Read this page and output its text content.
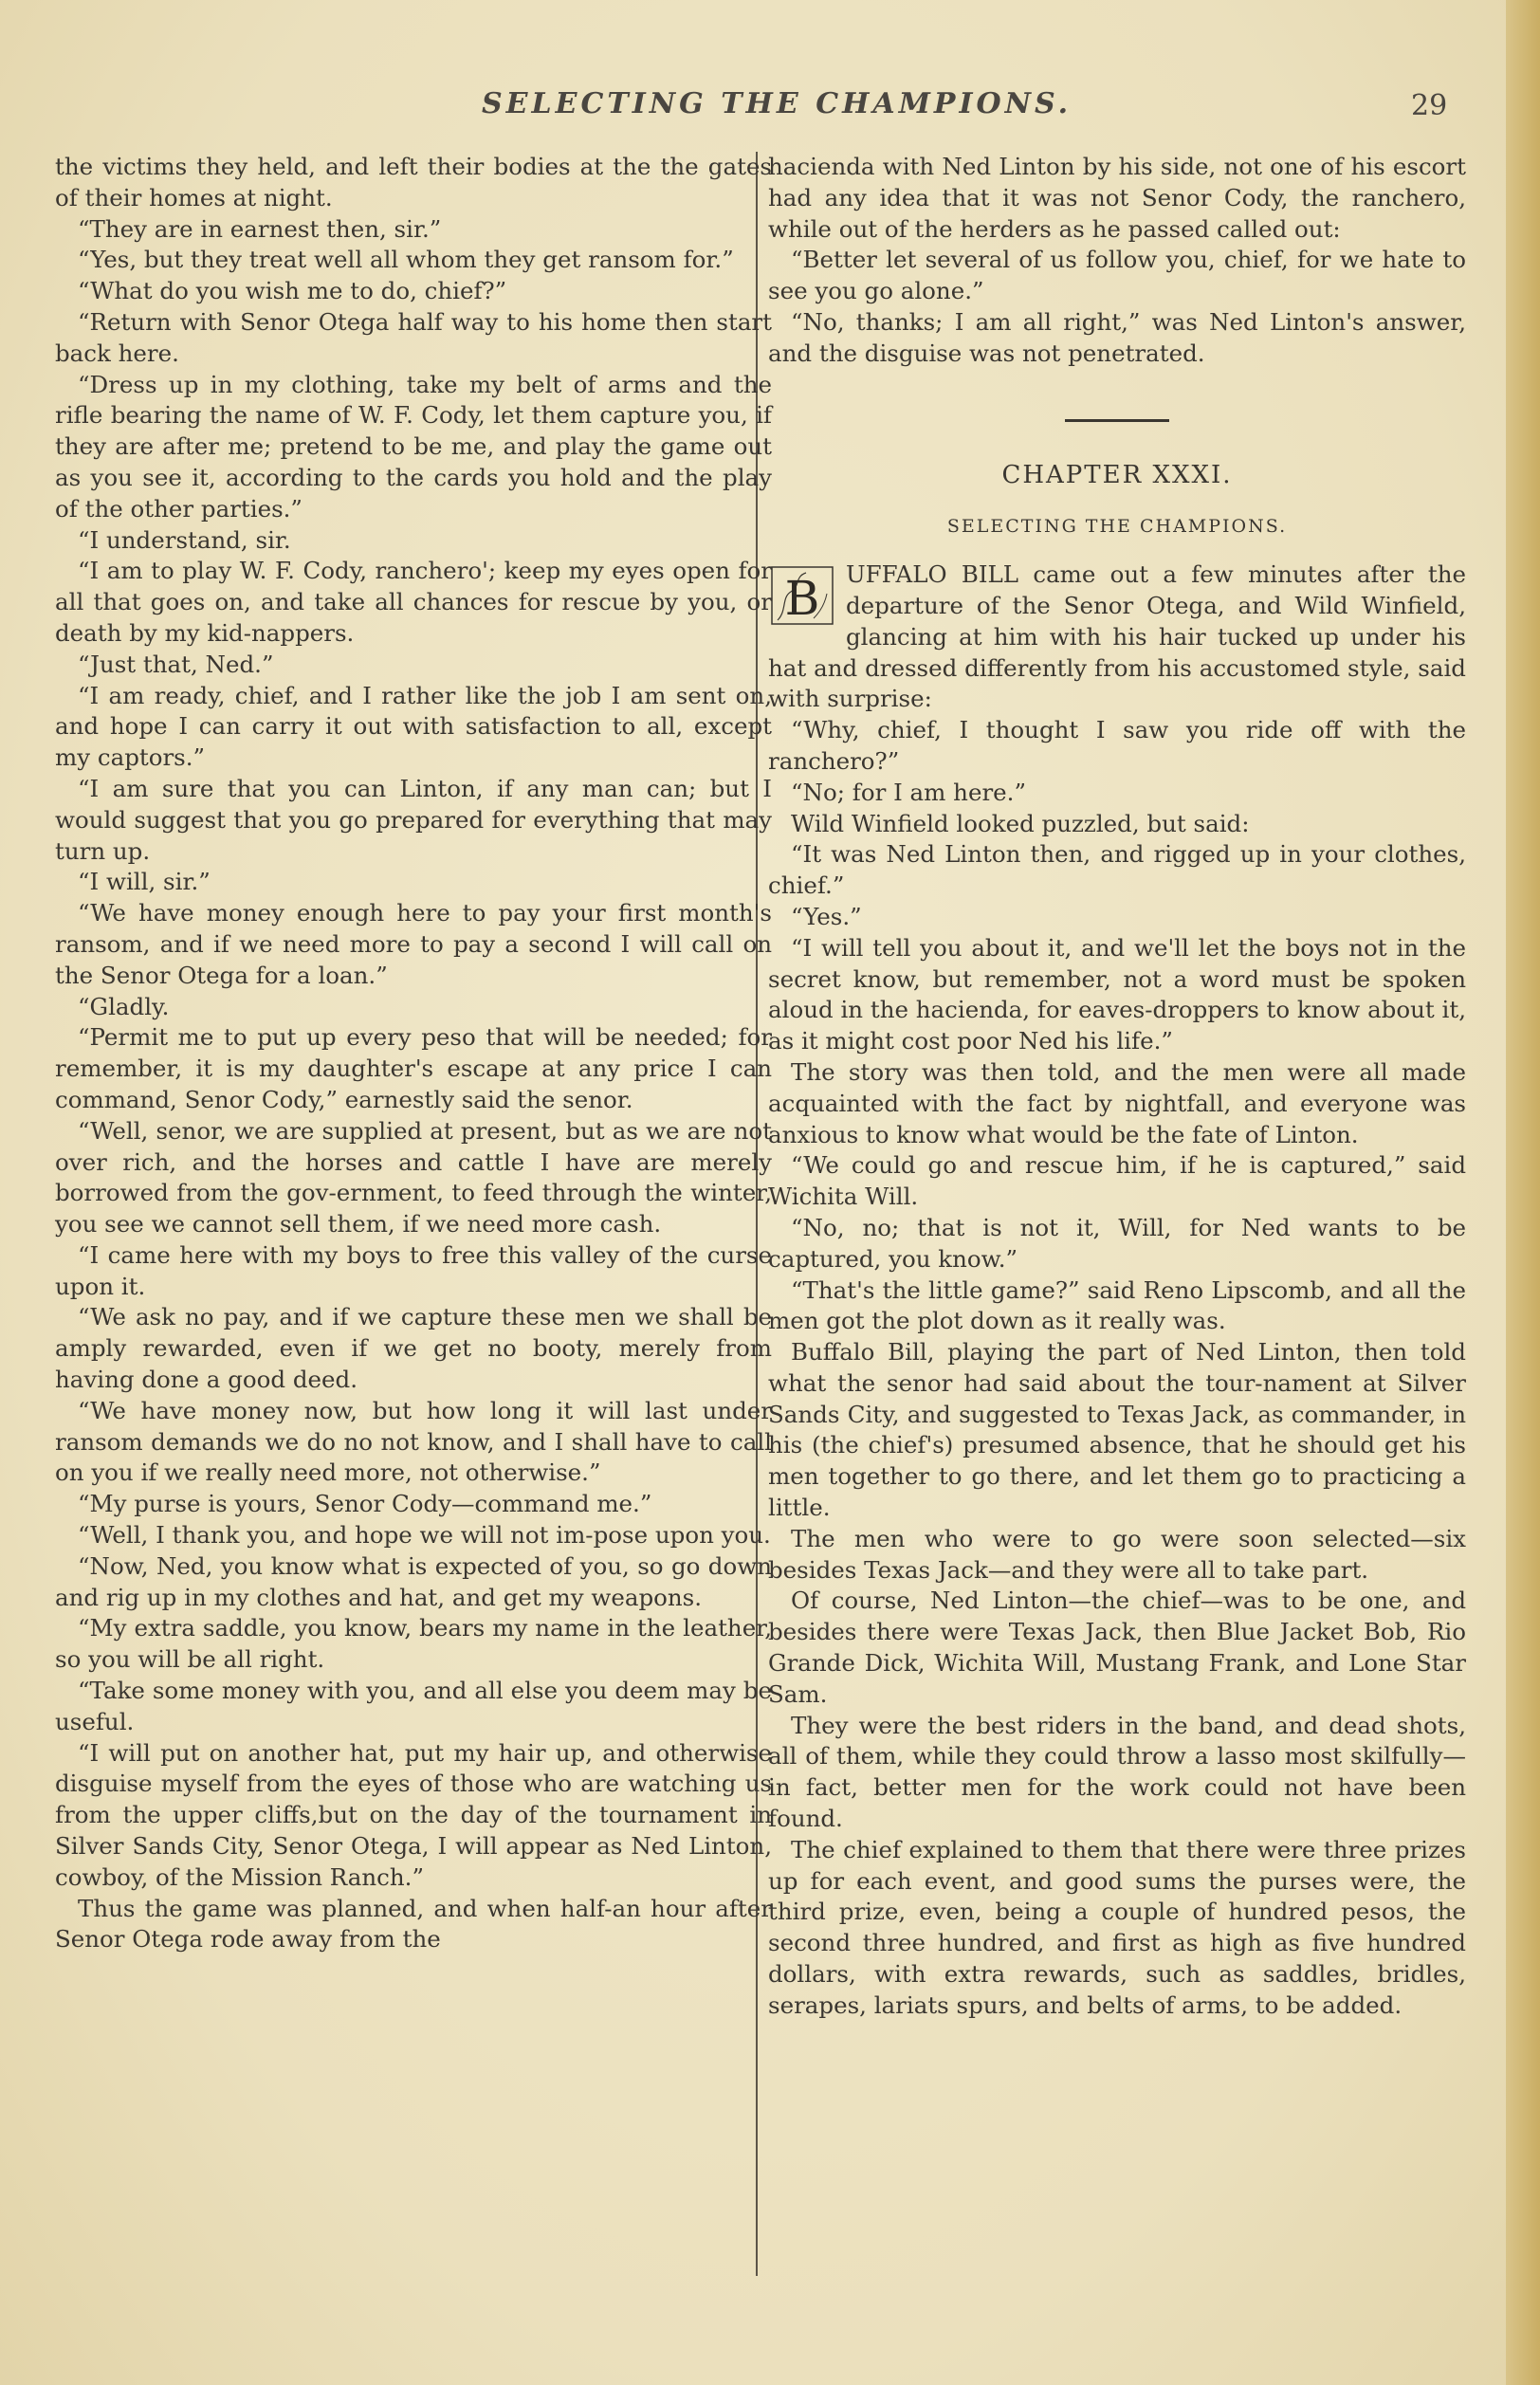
SELECTING THE CHAMPIONS.	29

the victims they held, and left their bodies at the the gates of their homes at night.

“They are in earnest then, sir.”

“Yes, but they treat well all whom they get ransom for.”

“What do you wish me to do, chief?”

“Return with Senor Otega half way to his home then start back here.

“Dress up in my clothing, take my belt of arms and the rifle bearing the name of W. F. Cody, let them capture you, if they are after me; pretend to be me, and play the game out as you see it, according to the cards you hold and the play of the other parties.”

“I understand, sir.

“I am to play W. F. Cody, ranchero'; keep my eyes open for all that goes on, and take all chances for rescue by you, or death by my kid-nappers.

“Just that, Ned.”

“I am ready, chief, and I rather like the job I am sent on, and hope I can carry it out with satisfaction to all, except my captors.”

“I am sure that you can Linton, if any man can; but I would suggest that you go prepared for everything that may turn up.

“I will, sir.”

“We have money enough here to pay your first month's ransom, and if we need more to pay a second I will call on the Senor Otega for a loan.”

“Gladly.

“Permit me to put up every peso that will be needed; for remember, it is my daughter's escape at any price I can command, Senor Cody,” earnestly said the senor.

“Well, senor, we are supplied at present, but as we are not over rich, and the horses and cattle I have are merely borrowed from the gov-ernment, to feed through the winter, you see we cannot sell them, if we need more cash.

“I came here with my boys to free this valley of the curse upon it.

“We ask no pay, and if we capture these men we shall be amply rewarded, even if we get no booty, merely from having done a good deed.

“We have money now, but how long it will last under ransom demands we do no not know, and I shall have to call on you if we really need more, not otherwise.”

“My purse is yours, Senor Cody—command me.”

“Well, I thank you, and hope we will not im-pose upon you.

“Now, Ned, you know what is expected of you, so go down and rig up in my clothes and hat, and get my weapons.

“My extra saddle, you know, bears my name in the leather, so you will be all right.

“Take some money with you, and all else you deem may be useful.

“I will put on another hat, put my hair up, and otherwise disguise myself from the eyes of those who are watching us from the upper cliffs,but on the day of the tournament in Silver Sands City, Senor Otega, I will appear as Ned Linton, cowboy, of the Mission Ranch.”

Thus the game was planned, and when half-an hour after Senor Otega rode away from the

hacienda with Ned Linton by his side, not one of his escort had any idea that it was not Senor Cody, the ranchero, while out of the herders as he passed called out:

“Better let several of us follow you, chief, for we hate to see you go alone.”

“No, thanks; I am all right,” was Ned Linton's answer, and the disguise was not penetrated.

CHAPTER XXXI.
SELECTING THE CHAMPIONS.

B UFFALO BILL came out a few minutes after the departure of the Senor Otega, and Wild Winfield, glancing at him with his hair tucked up under his hat and dressed differently from his accustomed style, said with surprise:

“Why, chief, I thought I saw you ride off with the ranchero?”

“No; for I am here.”

Wild Winfield looked puzzled, but said:

“It was Ned Linton then, and rigged up in your clothes, chief.”

“Yes.”

“I will tell you about it, and we'll let the boys not in the secret know, but remember, not a word must be spoken aloud in the hacienda, for eaves-droppers to know about it, as it might cost poor Ned his life.”

The story was then told, and the men were all made acquainted with the fact by nightfall, and everyone was anxious to know what would be the fate of Linton.

“We could go and rescue him, if he is captured,” said Wichita Will.

“No, no; that is not it, Will, for Ned wants to be captured, you know.”

“That's the little game?” said Reno Lipscomb, and all the men got the plot down as it really was.

Buffalo Bill, playing the part of Ned Linton, then told what the senor had said about the tour-nament at Silver Sands City, and suggested to Texas Jack, as commander, in his (the chief's) presumed absence, that he should get his men together to go there, and let them go to practicing a little.

The men who were to go were soon selected—six besides Texas Jack—and they were all to take part.

Of course, Ned Linton—the chief—was to be one, and besides there were Texas Jack, then Blue Jacket Bob, Rio Grande Dick, Wichita Will, Mustang Frank, and Lone Star Sam.

They were the best riders in the band, and dead shots, all of them, while they could throw a lasso most skilfully—in fact, better men for the work could not have been found.

The chief explained to them that there were three prizes up for each event, and good sums the purses were, the third prize, even, being a couple of hundred pesos, the second three hundred, and first as high as five hundred dollars, with extra rewards, such as saddles, bridles, serapes, lariats spurs, and belts of arms, to be added.
